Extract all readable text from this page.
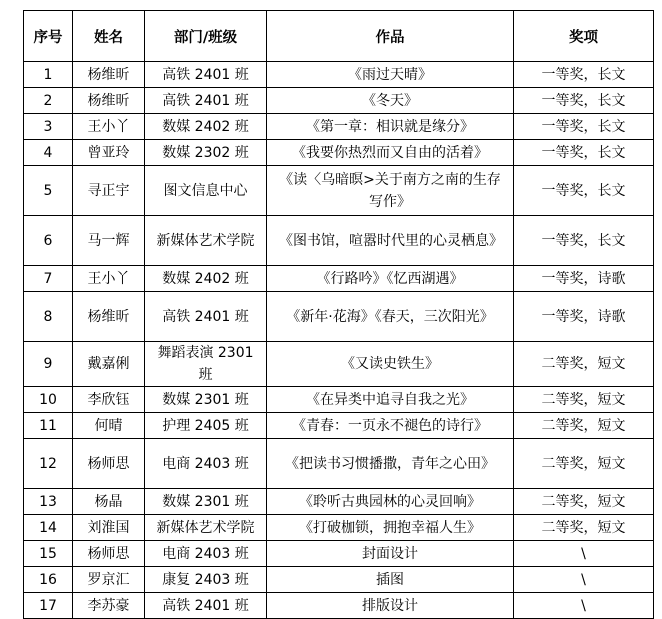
序号	姓名	部门/班级	作品	奖项
1	杨维昕	高铁 2401 班	《雨过天晴》	一等奖，长文
2	杨维昕	高铁 2401 班	《冬天》	一等奖，长文
3	王小丫	数媒 2402 班	《第一章：相识就是缘分》	一等奖，长文
4	曾亚玲	数媒 2302 班	《我要你热烈而又自由的活着》	一等奖，长文
5	寻正宇	图文信息中心	《读〈乌暗暝>关于南方之南的生存写作》	一等奖，长文
6	马一辉	新媒体艺术学院	《图书馆，喧嚣时代里的心灵栖息》	一等奖，长文
7	王小丫	数媒 2402 班	《行路吟》《忆西湖遇》	一等奖，诗歌
8	杨维昕	高铁 2401 班	《新年·花海》《春天，三次阳光》	一等奖，诗歌
9	戴嘉俐	舞蹈表演 2301 班	《又读史铁生》	二等奖，短文
10	李欣钰	数媒 2301 班	《在异类中追寻自我之光》	二等奖，短文
11	何晴	护理 2405 班	《青春：一页永不褪色的诗行》	二等奖，短文
12	杨师思	电商 2403 班	《把读书习惯播撒，青年之心田》	二等奖，短文
13	杨晶	数媒 2301 班	《聆听古典园林的心灵回响》	二等奖，短文
14	刘淮国	新媒体艺术学院	《打破枷锁，拥抱幸福人生》	二等奖，短文
15	杨师思	电商 2403 班	封面设计	\
16	罗京汇	康复 2403 班	插图	\
17	李苏豪	高铁 2401 班	排版设计	\
